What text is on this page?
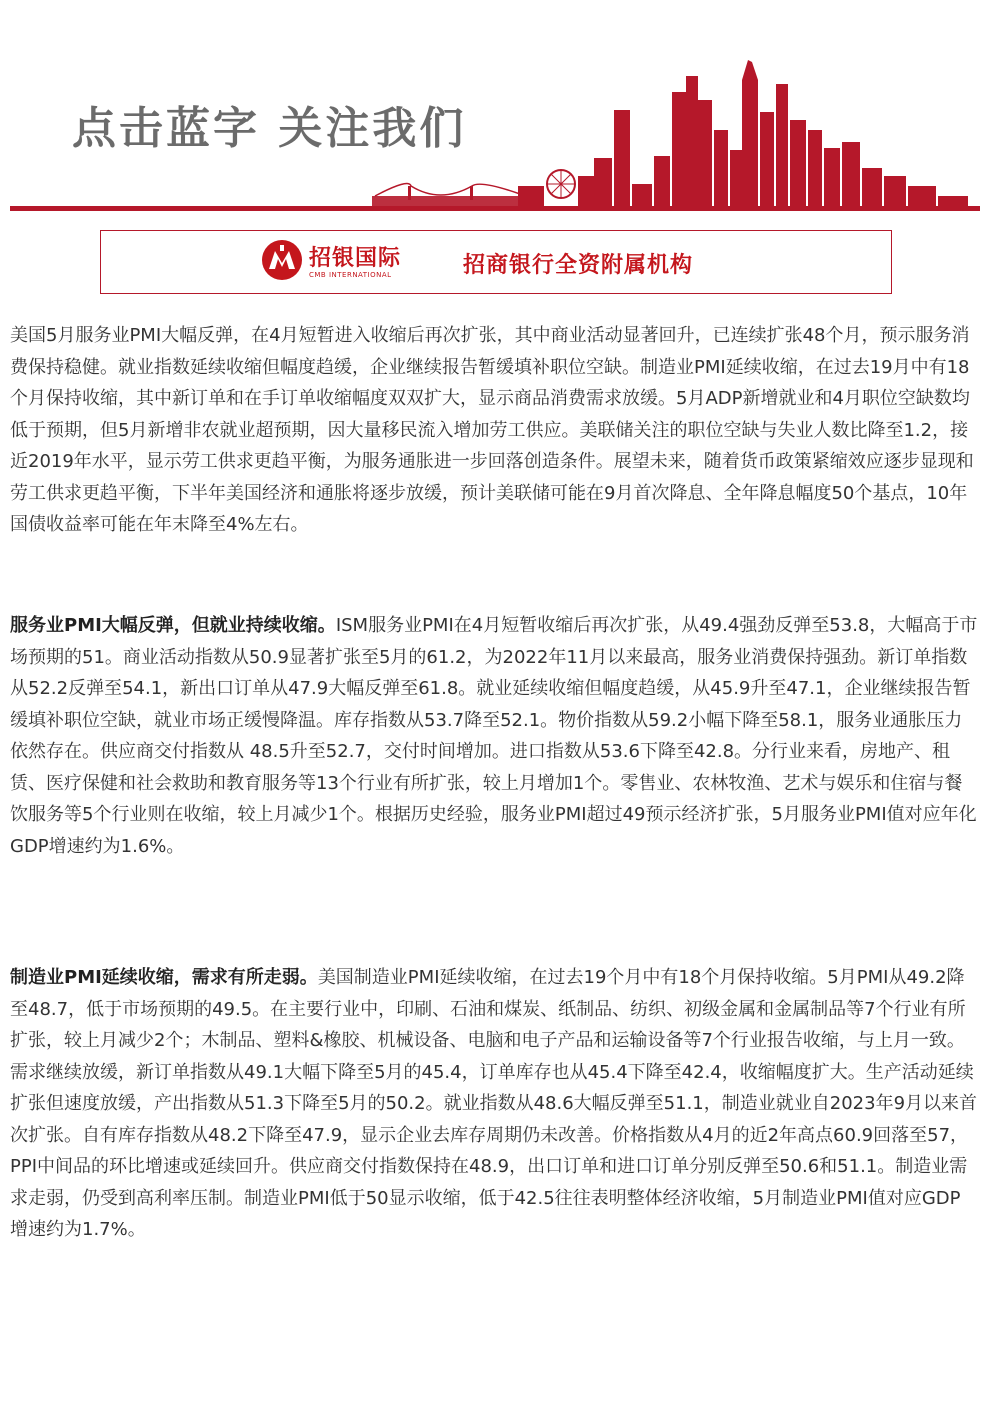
点击蓝字 关注我们
招银国际
CMB INTERNATIONAL	招商银行全资附属机构

美国5月服务业PMI大幅反弹，在4月短暂进入收缩后再次扩张，其中商业活动显著回升，已连续扩张48个月，预示服务消费保持稳健。就业指数延续收缩但幅度趋缓，企业继续报告暂缓填补职位空缺。制造业PMI延续收缩，在过去19月中有18个月保持收缩，其中新订单和在手订单收缩幅度双双扩大，显示商品消费需求放缓。5月ADP新增就业和4月职位空缺数均低于预期，但5月新增非农就业超预期，因大量移民流入增加劳工供应。美联储关注的职位空缺与失业人数比降至1.2，接近2019年水平，显示劳工供求更趋平衡，为服务通胀进一步回落创造条件。展望未来，随着货币政策紧缩效应逐步显现和劳工供求更趋平衡，下半年美国经济和通胀将逐步放缓，预计美联储可能在9月首次降息、全年降息幅度50个基点，10年国债收益率可能在年末降至4%左右。

服务业PMI大幅反弹，但就业持续收缩。ISM服务业PMI在4月短暂收缩后再次扩张，从49.4强劲反弹至53.8，大幅高于市场预期的51。商业活动指数从50.9显著扩张至5月的61.2，为2022年11月以来最高，服务业消费保持强劲。新订单指数从52.2反弹至54.1，新出口订单从47.9大幅反弹至61.8。就业延续收缩但幅度趋缓，从45.9升至47.1，企业继续报告暂缓填补职位空缺，就业市场正缓慢降温。库存指数从53.7降至52.1。物价指数从59.2小幅下降至58.1，服务业通胀压力依然存在。供应商交付指数从 48.5升至52.7，交付时间增加。进口指数从53.6下降至42.8。分行业来看，房地产、租赁、医疗保健和社会救助和教育服务等13个行业有所扩张，较上月增加1个。零售业、农林牧渔、艺术与娱乐和住宿与餐饮服务等5个行业则在收缩，较上月减少1个。根据历史经验，服务业PMI超过49预示经济扩张，5月服务业PMI值对应年化GDP增速约为1.6%。

制造业PMI延续收缩，需求有所走弱。美国制造业PMI延续收缩，在过去19个月中有18个月保持收缩。5月PMI从49.2降至48.7，低于市场预期的49.5。在主要行业中，印刷、石油和煤炭、纸制品、纺织、初级金属和金属制品等7个行业有所扩张，较上月减少2个；木制品、塑料&橡胶、机械设备、电脑和电子产品和运输设备等7个行业报告收缩，与上月一致。需求继续放缓，新订单指数从49.1大幅下降至5月的45.4，订单库存也从45.4下降至42.4，收缩幅度扩大。生产活动延续扩张但速度放缓，产出指数从51.3下降至5月的50.2。就业指数从48.6大幅反弹至51.1，制造业就业自2023年9月以来首次扩张。自有库存指数从48.2下降至47.9，显示企业去库存周期仍未改善。价格指数从4月的近2年高点60.9回落至57，PPI中间品的环比增速或延续回升。供应商交付指数保持在48.9，出口订单和进口订单分别反弹至50.6和51.1。制造业需求走弱，仍受到高利率压制。制造业PMI低于50显示收缩，低于42.5往往表明整体经济收缩，5月制造业PMI值对应GDP增速约为1.7%。
